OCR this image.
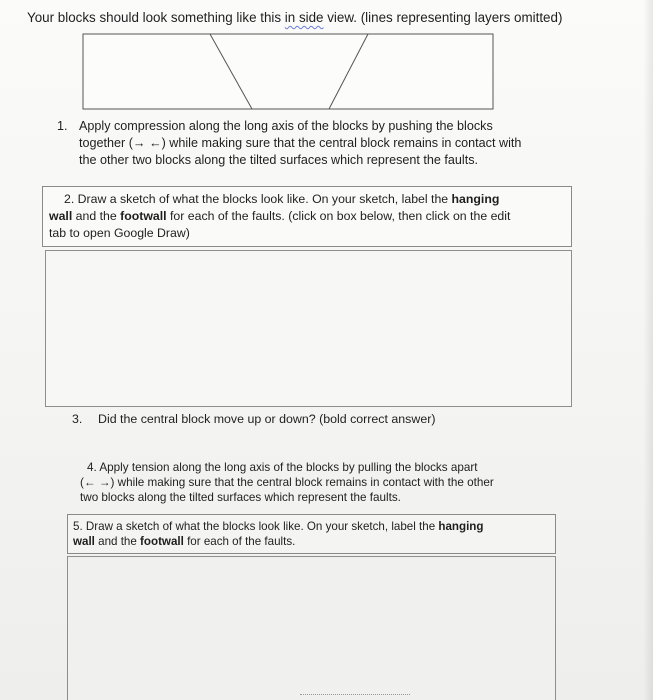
Your blocks should look something like this in side view. (lines representing layers omitted)
1. Apply compression along the long axis of the blocks by pushing the blocks
together (→ ←) while making sure that the central block remains in contact with
the other two blocks along the tilted surfaces which represent the faults.
2. Draw a sketch of what the blocks look like. On your sketch, label the hanging
wall and the footwall for each of the faults. (click on box below, then click on the edit
tab to open Google Draw)
3. Did the central block move up or down? (bold correct answer)
4. Apply tension along the long axis of the blocks by pulling the blocks apart
(← →) while making sure that the central block remains in contact with the other
two blocks along the tilted surfaces which represent the faults.
5. Draw a sketch of what the blocks look like. On your sketch, label the hanging
wall and the footwall for each of the faults.
